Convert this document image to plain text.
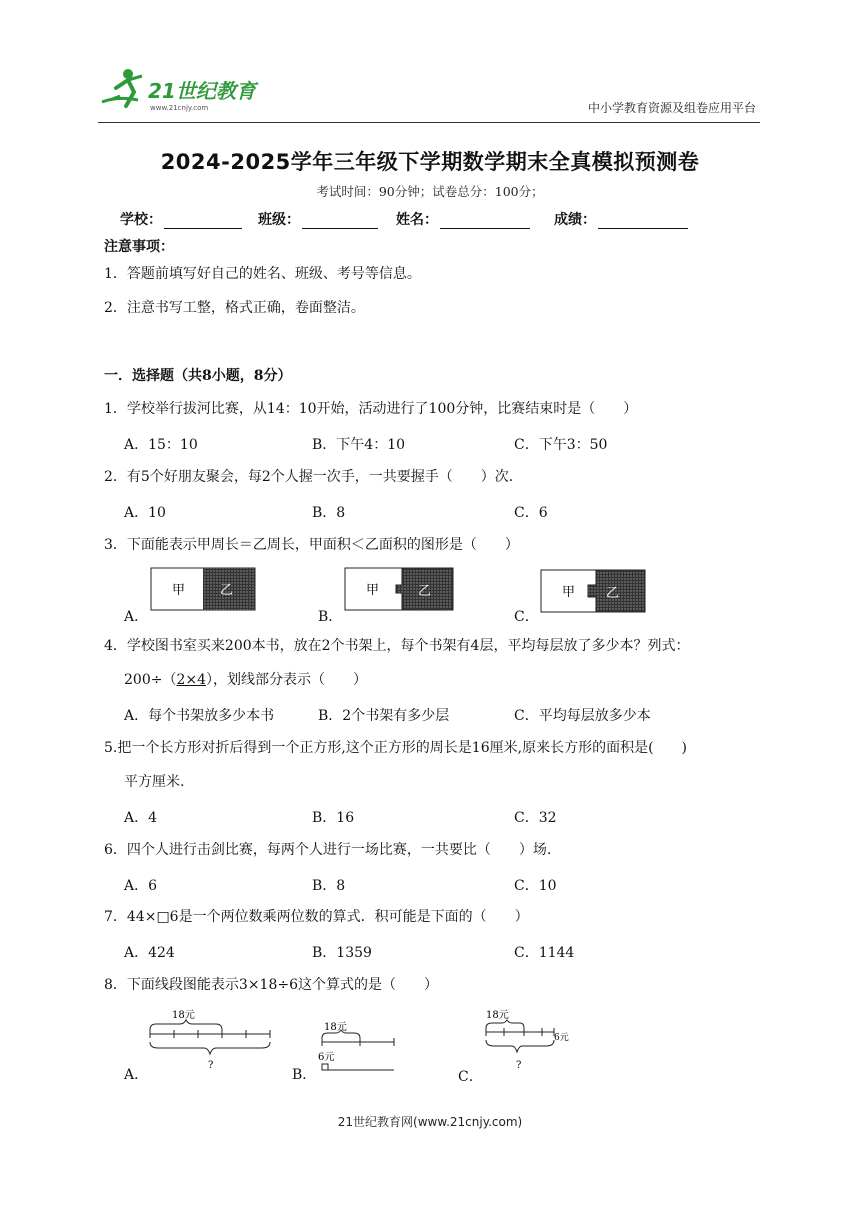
21世纪教育
www.21cnjy.com	中小学教育资源及组卷应用平台
2024-2025学年三年级下学期数学期末全真模拟预测卷
考试时间：90分钟；试卷总分：100分；
学校：	班级：	姓名：	成绩：
注意事项：
1．答题前填写好自己的姓名、班级、考号等信息。
2．注意书写工整，格式正确，卷面整洁。
一．选择题（共8小题，8分）
1．学校举行拔河比赛，从14：10开始，活动进行了100分钟，比赛结束时是（　　）
A．15：10	B．下午4：10	C．下午3：50
2．有5个好朋友聚会，每2个人握一次手，一共要握手（　　）次．
A．10	B．8	C．6
3．下面能表示甲周长＝乙周长，甲面积＜乙面积的图形是（　　）
A．	B．	C．
甲	乙	甲	乙	甲 乙
4．学校图书室买来200本书，放在2个书架上，每个书架有4层，平均每层放了多少本？列式：
200÷（2×4），划线部分表示（　　）
A．每个书架放多少本书	B．2个书架有多少层	C．平均每层放多少本
5.把一个长方形对折后得到一个正方形,这个正方形的周长是16厘米,原来长方形的面积是(　　)
平方厘米.
A．4	B．16	C．32
6．四个人进行击剑比赛，每两个人进行一场比赛，一共要比（　　）场.
A．6	B．8	C．10
7．44×□6是一个两位数乘两位数的算式．积可能是下面的（　　）
A．424	B．1359	C．1144
8．下面线段图能表示3×18÷6这个算式的是（　　）
A．	B．	C．
18元
?
18元
6元
18元
6元
?
21世纪教育网(www.21cnjy.com)
